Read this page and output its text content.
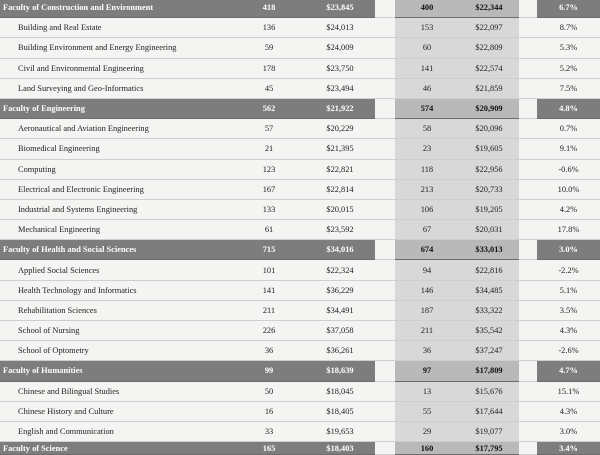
Faculty of Construction and Environment	418	$23,845		400	$22,344		6.7%
Building and Real Estate	136	$24,013		153	$22,097		8.7%
Building Environment and Energy Engineering	59	$24,009		60	$22,809		5.3%
Civil and Environmental Engineering	178	$23,750		141	$22,574		5.2%
Land Surveying and Geo-Informatics	45	$23,494		46	$21,859		7.5%
Faculty of Engineering	562	$21,922		574	$20,909		4.8%
Aeronautical and Aviation Engineering	57	$20,229		58	$20,096		0.7%
Biomedical Engineering	21	$21,395		23	$19,605		9.1%
Computing	123	$22,821		118	$22,956		-0.6%
Electrical and Electronic Engineering	167	$22,814		213	$20,733		10.0%
Industrial and Systems Engineering	133	$20,015		106	$19,205		4.2%
Mechanical Engineering	61	$23,592		67	$20,031		17.8%
Faculty of Health and Social Sciences	715	$34,016		674	$33,013		3.0%
Applied Social Sciences	101	$22,324		94	$22,816		-2.2%
Health Technology and Informatics	141	$36,229		146	$34,485		5.1%
Rehabilitation Sciences	211	$34,491		187	$33,322		3.5%
School of Nursing	226	$37,058		211	$35,542		4.3%
School of Optometry	36	$36,261		36	$37,247		-2.6%
Faculty of Humanities	99	$18,639		97	$17,809		4.7%
Chinese and Bilingual Studies	50	$18,045		13	$15,676		15.1%
Chinese History and Culture	16	$18,405		55	$17,644		4.3%
English and Communication	33	$19,653		29	$19,077		3.0%
Faculty of Science	165	$18,403		160	$17,795		3.4%
